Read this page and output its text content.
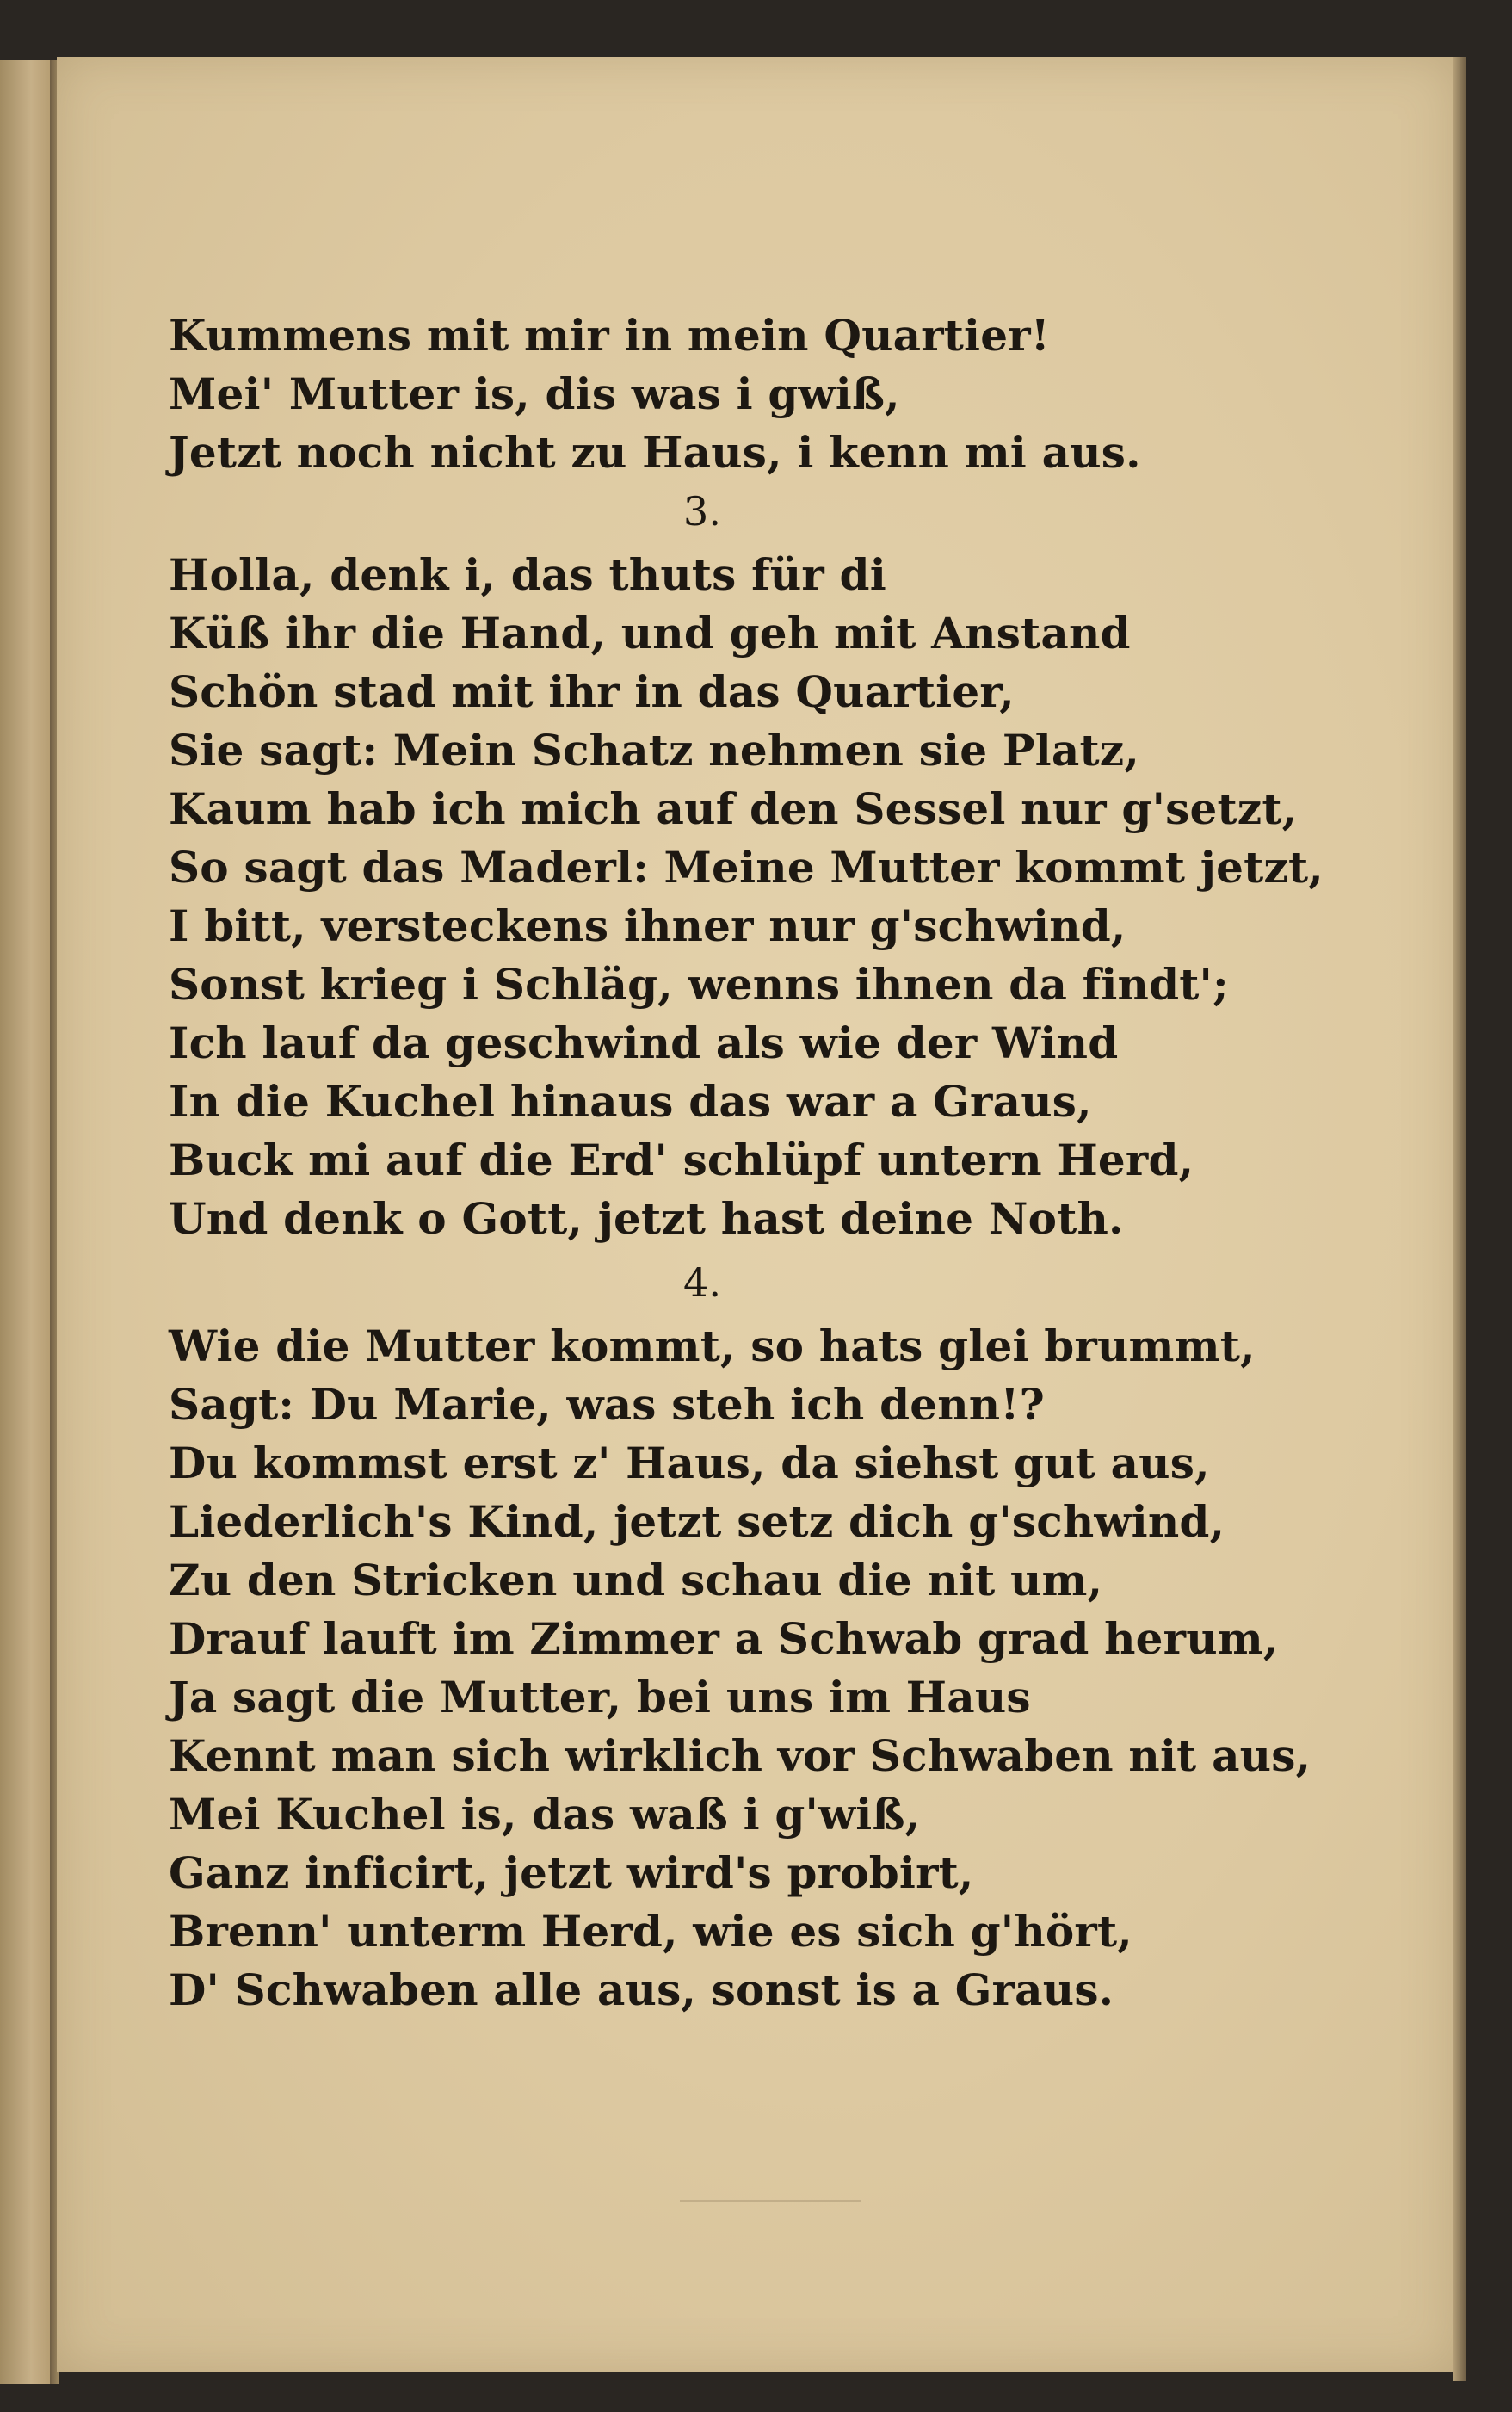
Kummens mit mir in mein Quartier!
Mei' Mutter is, dis was i gwiß,
Jetzt noch nicht zu Haus, i kenn mi aus.
3.
Holla, denk i, das thuts für di
Küß ihr die Hand, und geh mit Anstand
Schön stad mit ihr in das Quartier,
Sie sagt: Mein Schatz nehmen sie Platz,
Kaum hab ich mich auf den Sessel nur g'setzt,
So sagt das Maderl: Meine Mutter kommt jetzt,
I bitt, versteckens ihner nur g'schwind,
Sonst krieg i Schläg, wenns ihnen da findt';
Ich lauf da geschwind als wie der Wind
In die Kuchel hinaus das war a Graus,
Buck mi auf die Erd' schlüpf untern Herd,
Und denk o Gott, jetzt hast deine Noth.
4.
Wie die Mutter kommt, so hats glei brummt,
Sagt: Du Marie, was steh ich denn!?
Du kommst erst z' Haus, da siehst gut aus,
Liederlich's Kind, jetzt setz dich g'schwind,
Zu den Stricken und schau die nit um,
Drauf lauft im Zimmer a Schwab grad herum,
Ja sagt die Mutter, bei uns im Haus
Kennt man sich wirklich vor Schwaben nit aus,
Mei Kuchel is, das waß i g'wiß,
Ganz inficirt, jetzt wird's probirt,
Brenn' unterm Herd, wie es sich g'hört,
D' Schwaben alle aus, sonst is a Graus.
